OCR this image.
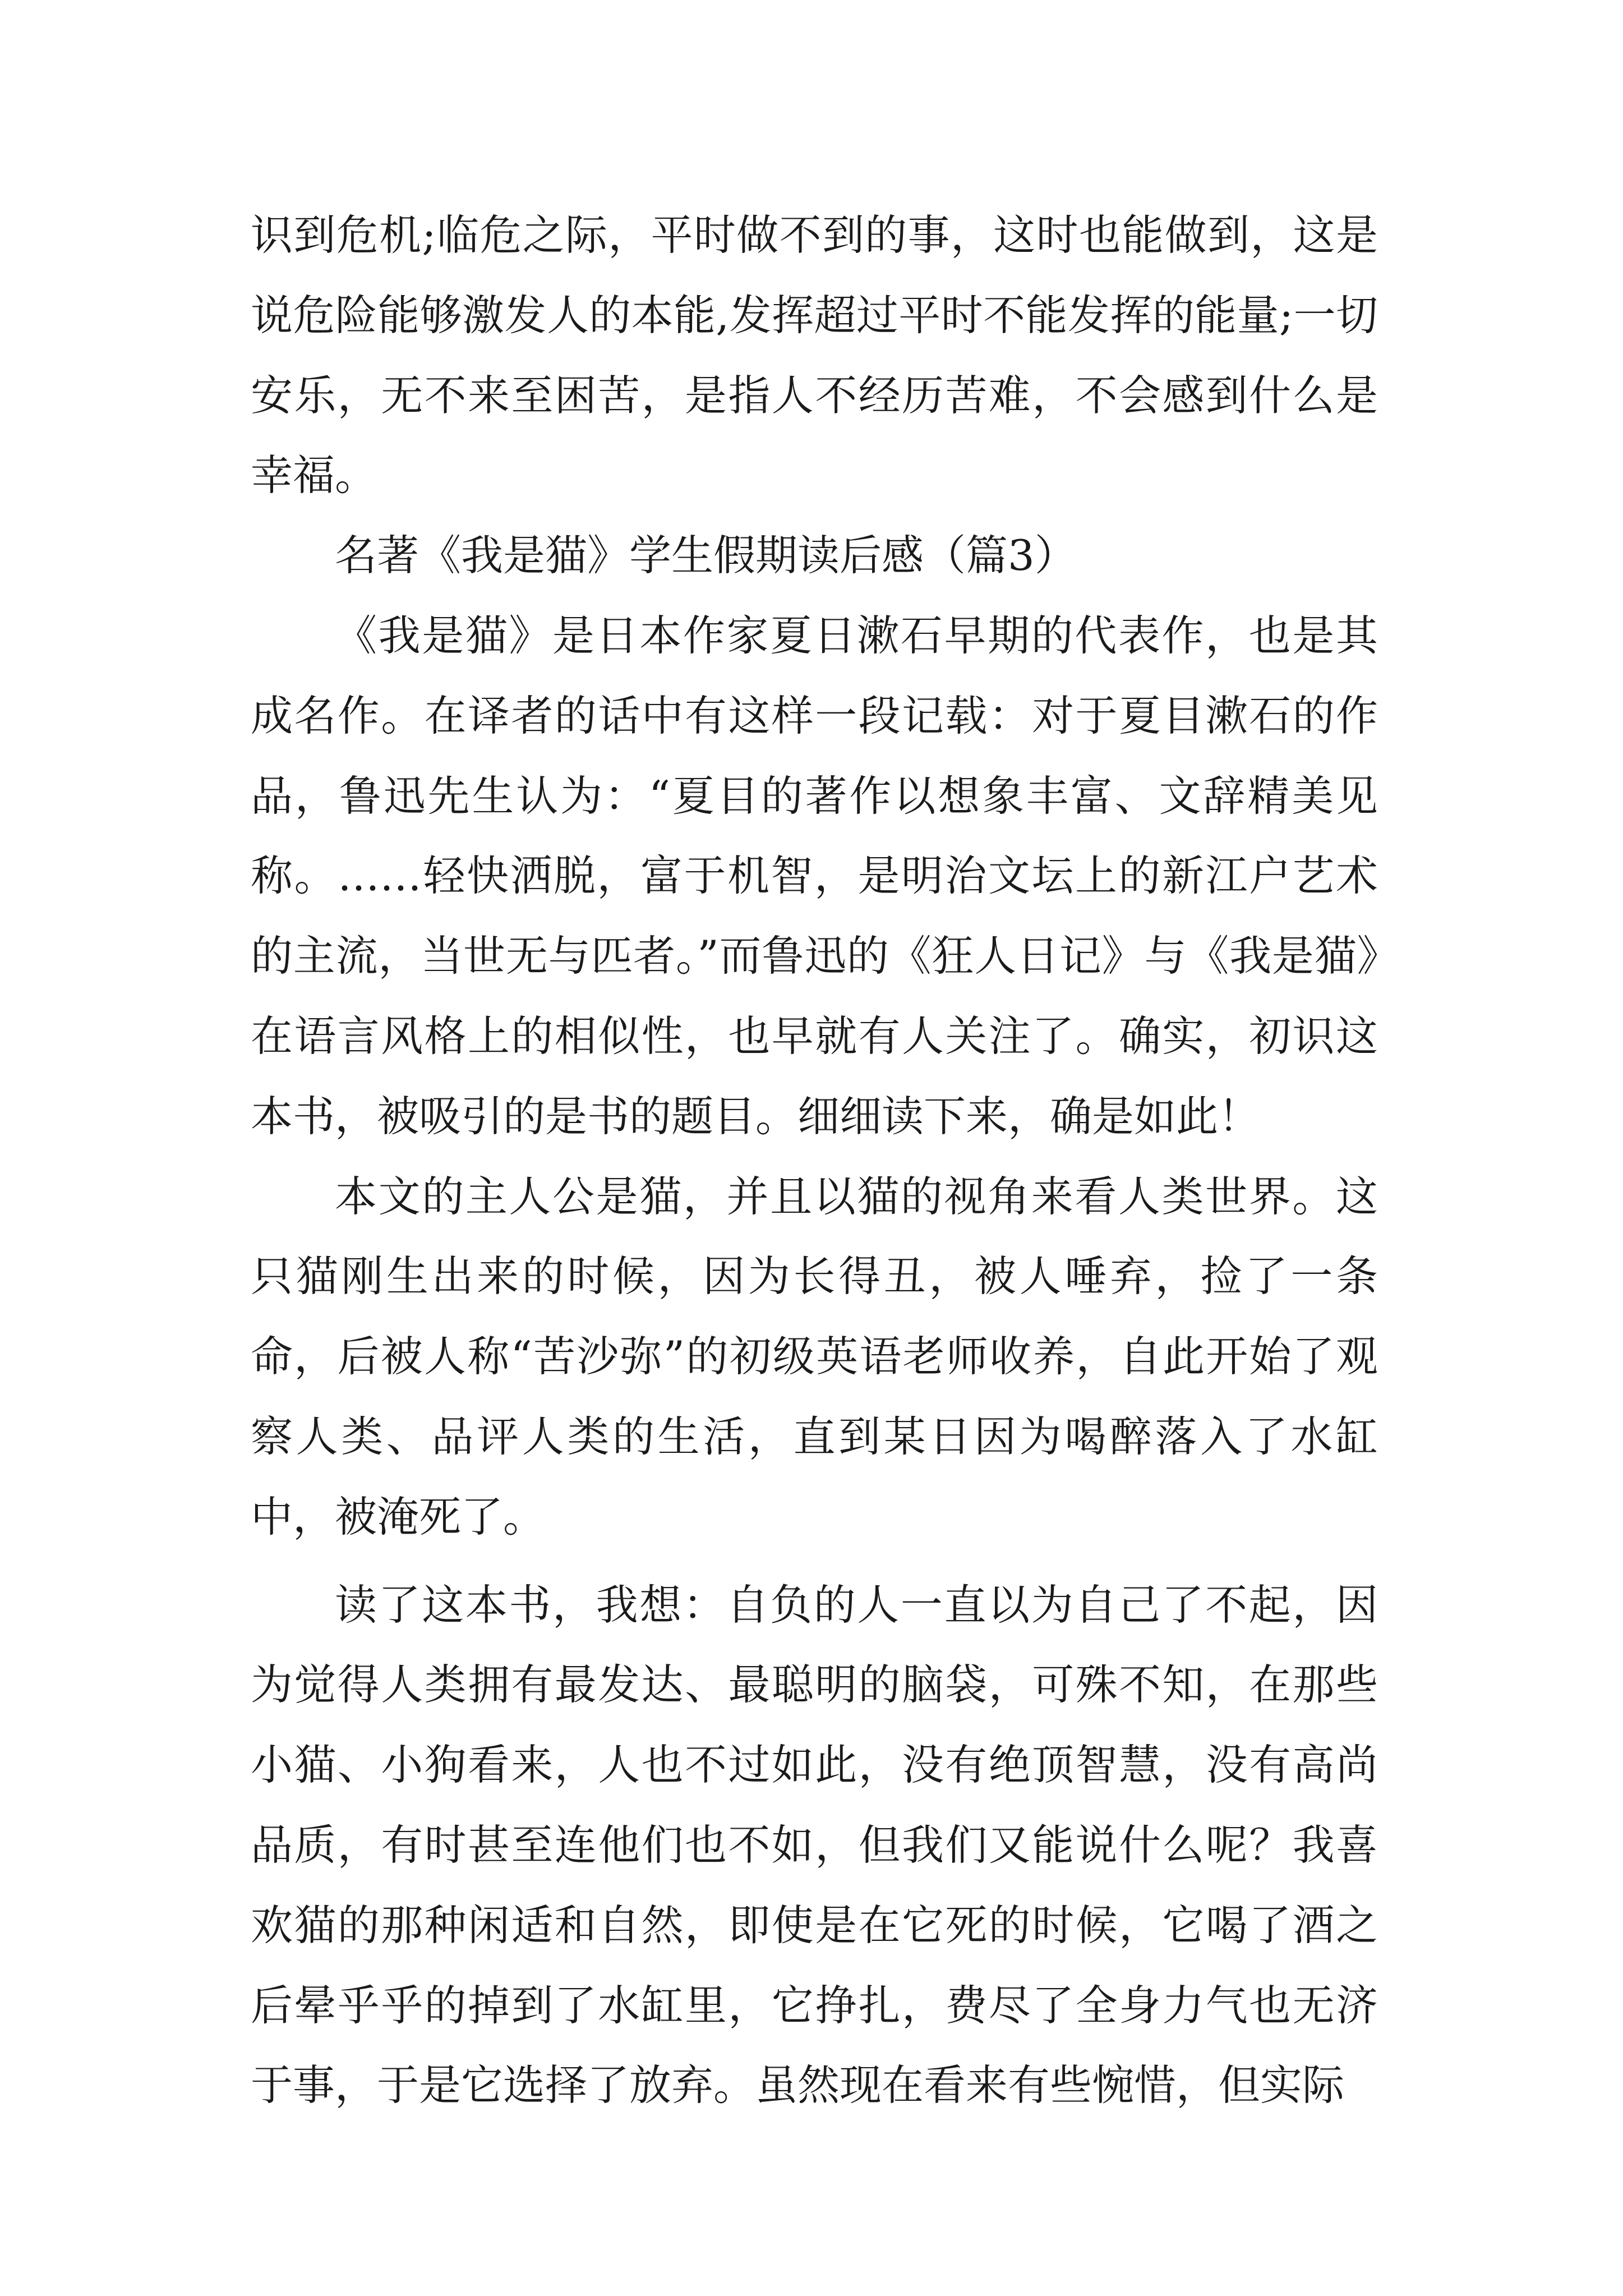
识到危机;临危之际，平时做不到的事，这时也能做到，这是说危险能够激发人的本能,发挥超过平时不能发挥的能量;一切安乐，无不来至困苦，是指人不经历苦难，不会感到什么是幸福。

名著《我是猫》学生假期读后感（篇3）

《我是猫》是日本作家夏日漱石早期的代表作，也是其成名作。在译者的话中有这样一段记载：对于夏目漱石的作品，鲁迅先生认为：“夏目的著作以想象丰富、文辞精美见称。……轻快洒脱，富于机智，是明治文坛上的新江户艺术的主流，当世无与匹者。”而鲁迅的《狂人日记》与《我是猫》在语言风格上的相似性，也早就有人关注了。确实，初识这本书，被吸引的是书的题目。细细读下来，确是如此！

本文的主人公是猫，并且以猫的视角来看人类世界。这只猫刚生出来的时候，因为长得丑，被人唾弃，捡了一条命，后被人称“苦沙弥”的初级英语老师收养，自此开始了观察人类、品评人类的生活，直到某日因为喝醉落入了水缸中，被淹死了。

读了这本书，我想：自负的人一直以为自己了不起，因为觉得人类拥有最发达、最聪明的脑袋，可殊不知，在那些小猫、小狗看来，人也不过如此，没有绝顶智慧，没有高尚品质，有时甚至连他们也不如，但我们又能说什么呢？我喜欢猫的那种闲适和自然，即使是在它死的时候，它喝了酒之后晕乎乎的掉到了水缸里，它挣扎，费尽了全身力气也无济于事，于是它选择了放弃。虽然现在看来有些惋惜，但实际
